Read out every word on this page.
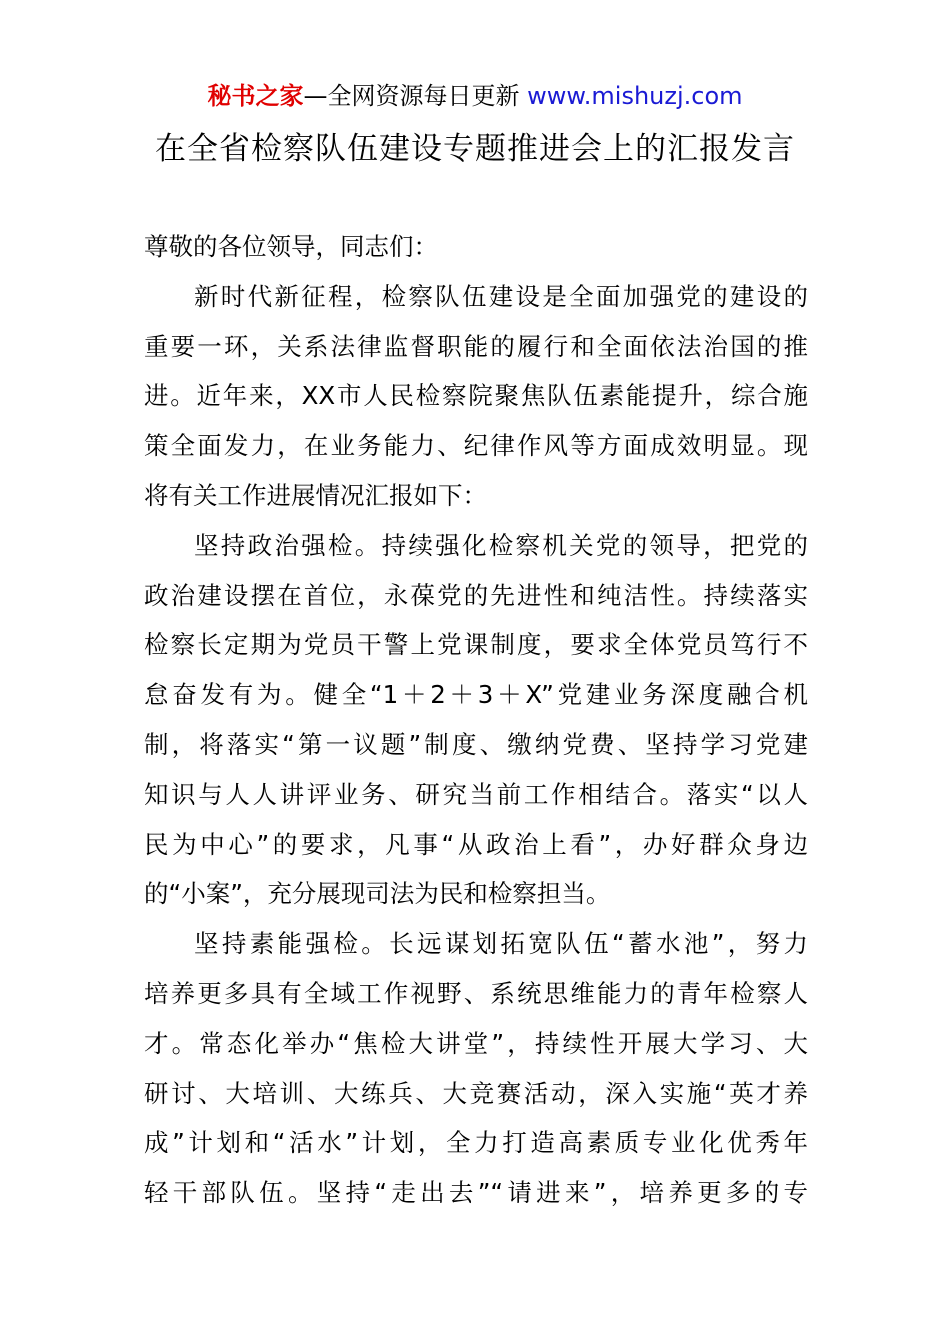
秘书之家—全网资源每日更新 www.mishuzj.com
在全省检察队伍建设专题推进会上的汇报发言
尊敬的各位领导，同志们：
新时代新征程，检察队伍建设是全面加强党的建设的
重要一环，关系法律监督职能的履行和全面依法治国的推
进。近年来，XX市人民检察院聚焦队伍素能提升，综合施
策全面发力，在业务能力、纪律作风等方面成效明显。现
将有关工作进展情况汇报如下：
坚持政治强检。持续强化检察机关党的领导，把党的
政治建设摆在首位，永葆党的先进性和纯洁性。持续落实
检察长定期为党员干警上党课制度，要求全体党员笃行不
怠奋发有为。健全“1＋2＋3＋X”党建业务深度融合机
制，将落实“第一议题”制度、缴纳党费、坚持学习党建
知识与人人讲评业务、研究当前工作相结合。落实“以人
民为中心”的要求，凡事“从政治上看”，办好群众身边
的“小案”，充分展现司法为民和检察担当。
坚持素能强检。长远谋划拓宽队伍“蓄水池”，努力
培养更多具有全域工作视野、系统思维能力的青年检察人
才。常态化举办“焦检大讲堂”，持续性开展大学习、大
研讨、大培训、大练兵、大竞赛活动，深入实施“英才养
成”计划和“活水”计划，全力打造高素质专业化优秀年
轻干部队伍。坚持“走出去”“请进来”，培养更多的专
